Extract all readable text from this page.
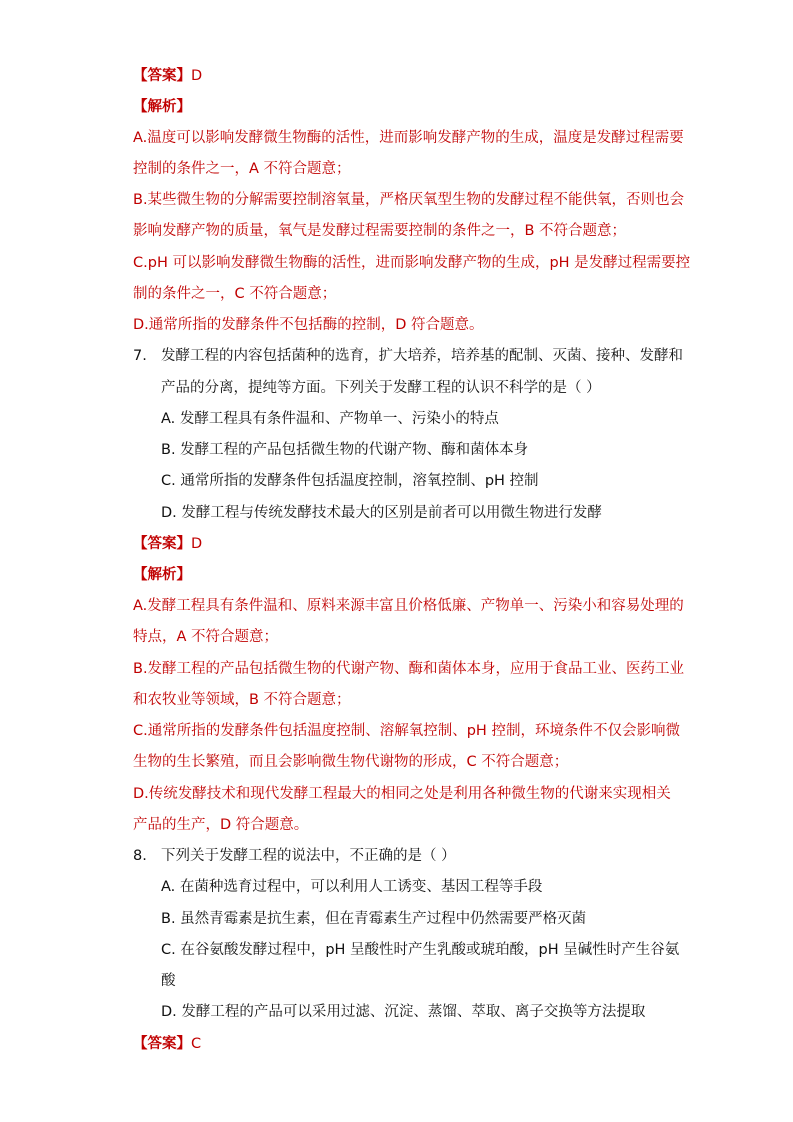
【答案】D
【解析】
A.温度可以影响发酵微生物酶的活性，进而影响发酵产物的生成，温度是发酵过程需要
控制的条件之一，A 不符合题意；
B.某些微生物的分解需要控制溶氧量，严格厌氧型生物的发酵过程不能供氧，否则也会
影响发酵产物的质量，氧气是发酵过程需要控制的条件之一，B 不符合题意；
C.pH 可以影响发酵微生物酶的活性，进而影响发酵产物的生成，pH 是发酵过程需要控
制的条件之一，C 不符合题意；
D.通常所指的发酵条件不包括酶的控制，D 符合题意。
7. 发酵工程的内容包括菌种的选育，扩大培养，培养基的配制、灭菌、接种、发酵和
产品的分离，提纯等方面。下列关于发酵工程的认识不科学的是（ ）
A. 发酵工程具有条件温和、产物单一、污染小的特点
B. 发酵工程的产品包括微生物的代谢产物、酶和菌体本身
C. 通常所指的发酵条件包括温度控制，溶氧控制、pH 控制
D. 发酵工程与传统发酵技术最大的区别是前者可以用微生物进行发酵
【答案】D
【解析】
A.发酵工程具有条件温和、原料来源丰富且价格低廉、产物单一、污染小和容易处理的
特点，A 不符合题意；
B.发酵工程的产品包括微生物的代谢产物、酶和菌体本身，应用于食品工业、医药工业
和农牧业等领域，B 不符合题意；
C.通常所指的发酵条件包括温度控制、溶解氧控制、pH 控制，环境条件不仅会影响微
生物的生长繁殖，而且会影响微生物代谢物的形成，C 不符合题意；
D.传统发酵技术和现代发酵工程最大的相同之处是利用各种微生物的代谢来实现相关
产品的生产，D 符合题意。
8. 下列关于发酵工程的说法中，不正确的是（ ）
A. 在菌种选育过程中，可以利用人工诱变、基因工程等手段
B. 虽然青霉素是抗生素，但在青霉素生产过程中仍然需要严格灭菌
C. 在谷氨酸发酵过程中，pH 呈酸性时产生乳酸或琥珀酸，pH 呈碱性时产生谷氨
酸
D. 发酵工程的产品可以采用过滤、沉淀、蒸馏、萃取、离子交换等方法提取
【答案】C
